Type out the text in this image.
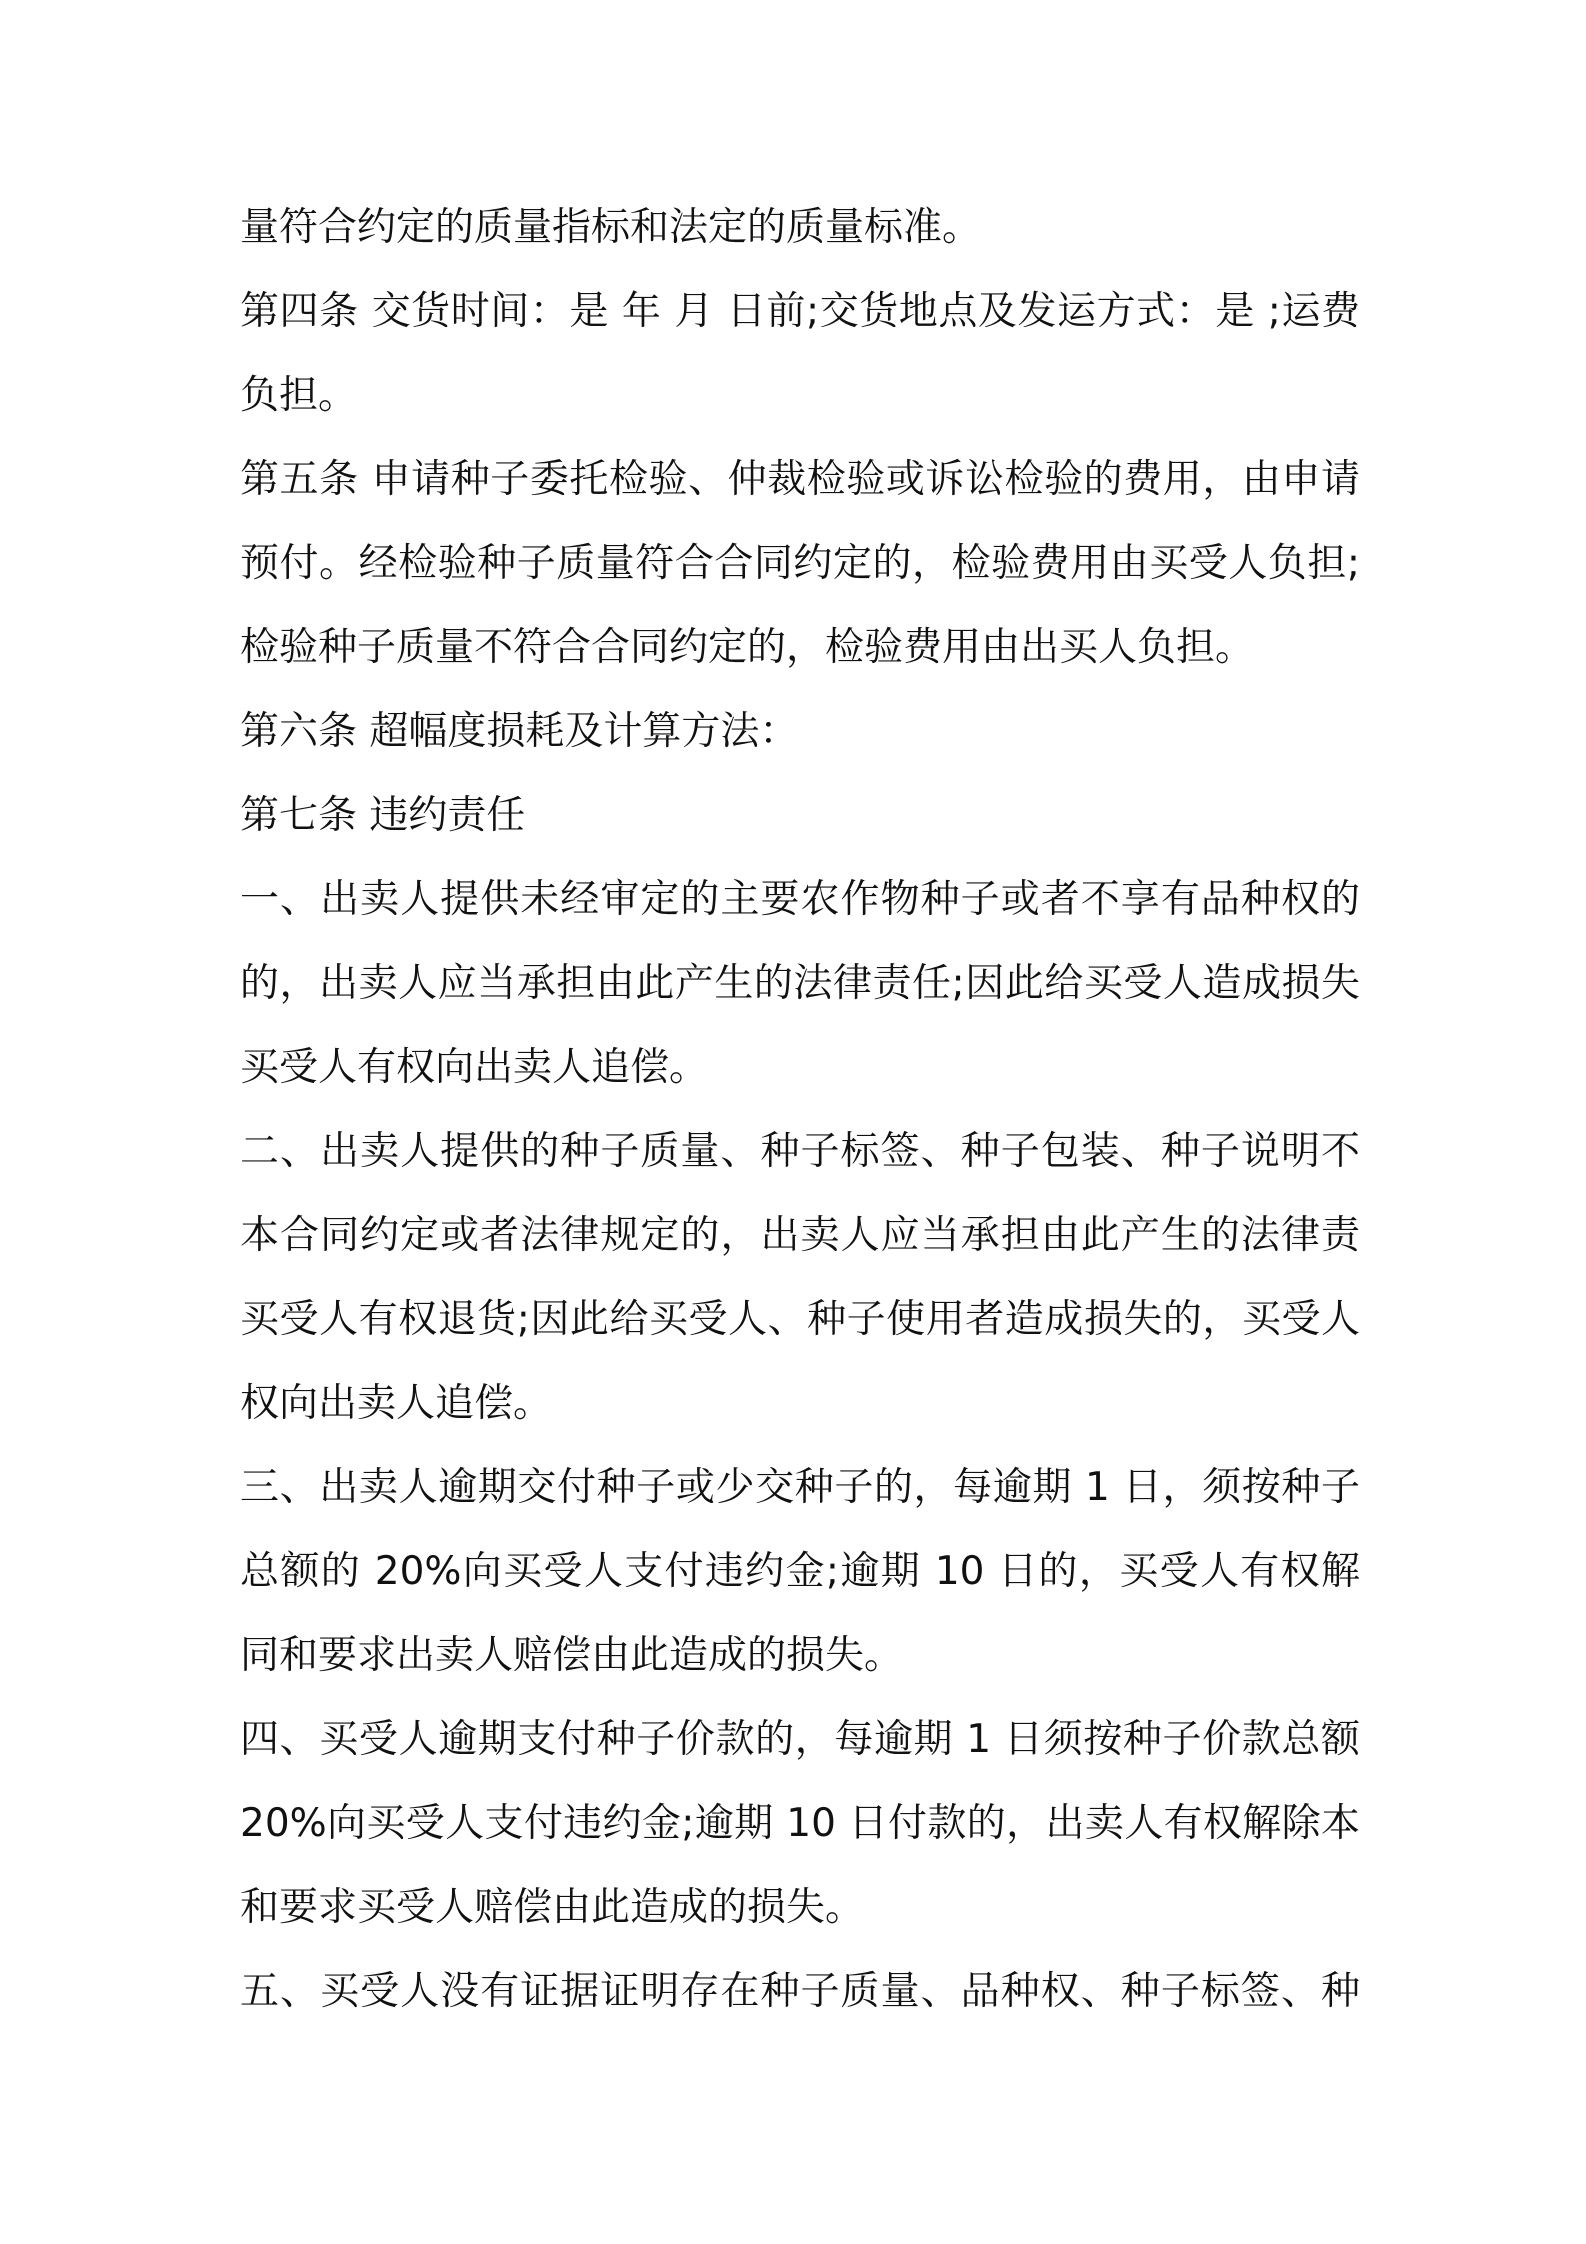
量符合约定的质量指标和法定的质量标准。
第四条 交货时间：是 年 月 日前;交货地点及发运方式：是 ;运费
负担。
第五条 申请种子委托检验、仲裁检验或诉讼检验的费用，由申请
预付。经检验种子质量符合合同约定的，检验费用由买受人负担;
检验种子质量不符合合同约定的，检验费用由出买人负担。
第六条 超幅度损耗及计算方法：
第七条 违约责任
一、出卖人提供未经审定的主要农作物种子或者不享有品种权的
的，出卖人应当承担由此产生的法律责任;因此给买受人造成损失
买受人有权向出卖人追偿。
二、出卖人提供的种子质量、种子标签、种子包装、种子说明不
本合同约定或者法律规定的，出卖人应当承担由此产生的法律责
买受人有权退货;因此给买受人、种子使用者造成损失的，买受人
权向出卖人追偿。
三、出卖人逾期交付种子或少交种子的，每逾期 1 日，须按种子
总额的 20%向买受人支付违约金;逾期 10 日的，买受人有权解
同和要求出卖人赔偿由此造成的损失。
四、买受人逾期支付种子价款的，每逾期 1 日须按种子价款总额
20%向买受人支付违约金;逾期 10 日付款的，出卖人有权解除本
和要求买受人赔偿由此造成的损失。
五、买受人没有证据证明存在种子质量、品种权、种子标签、种
